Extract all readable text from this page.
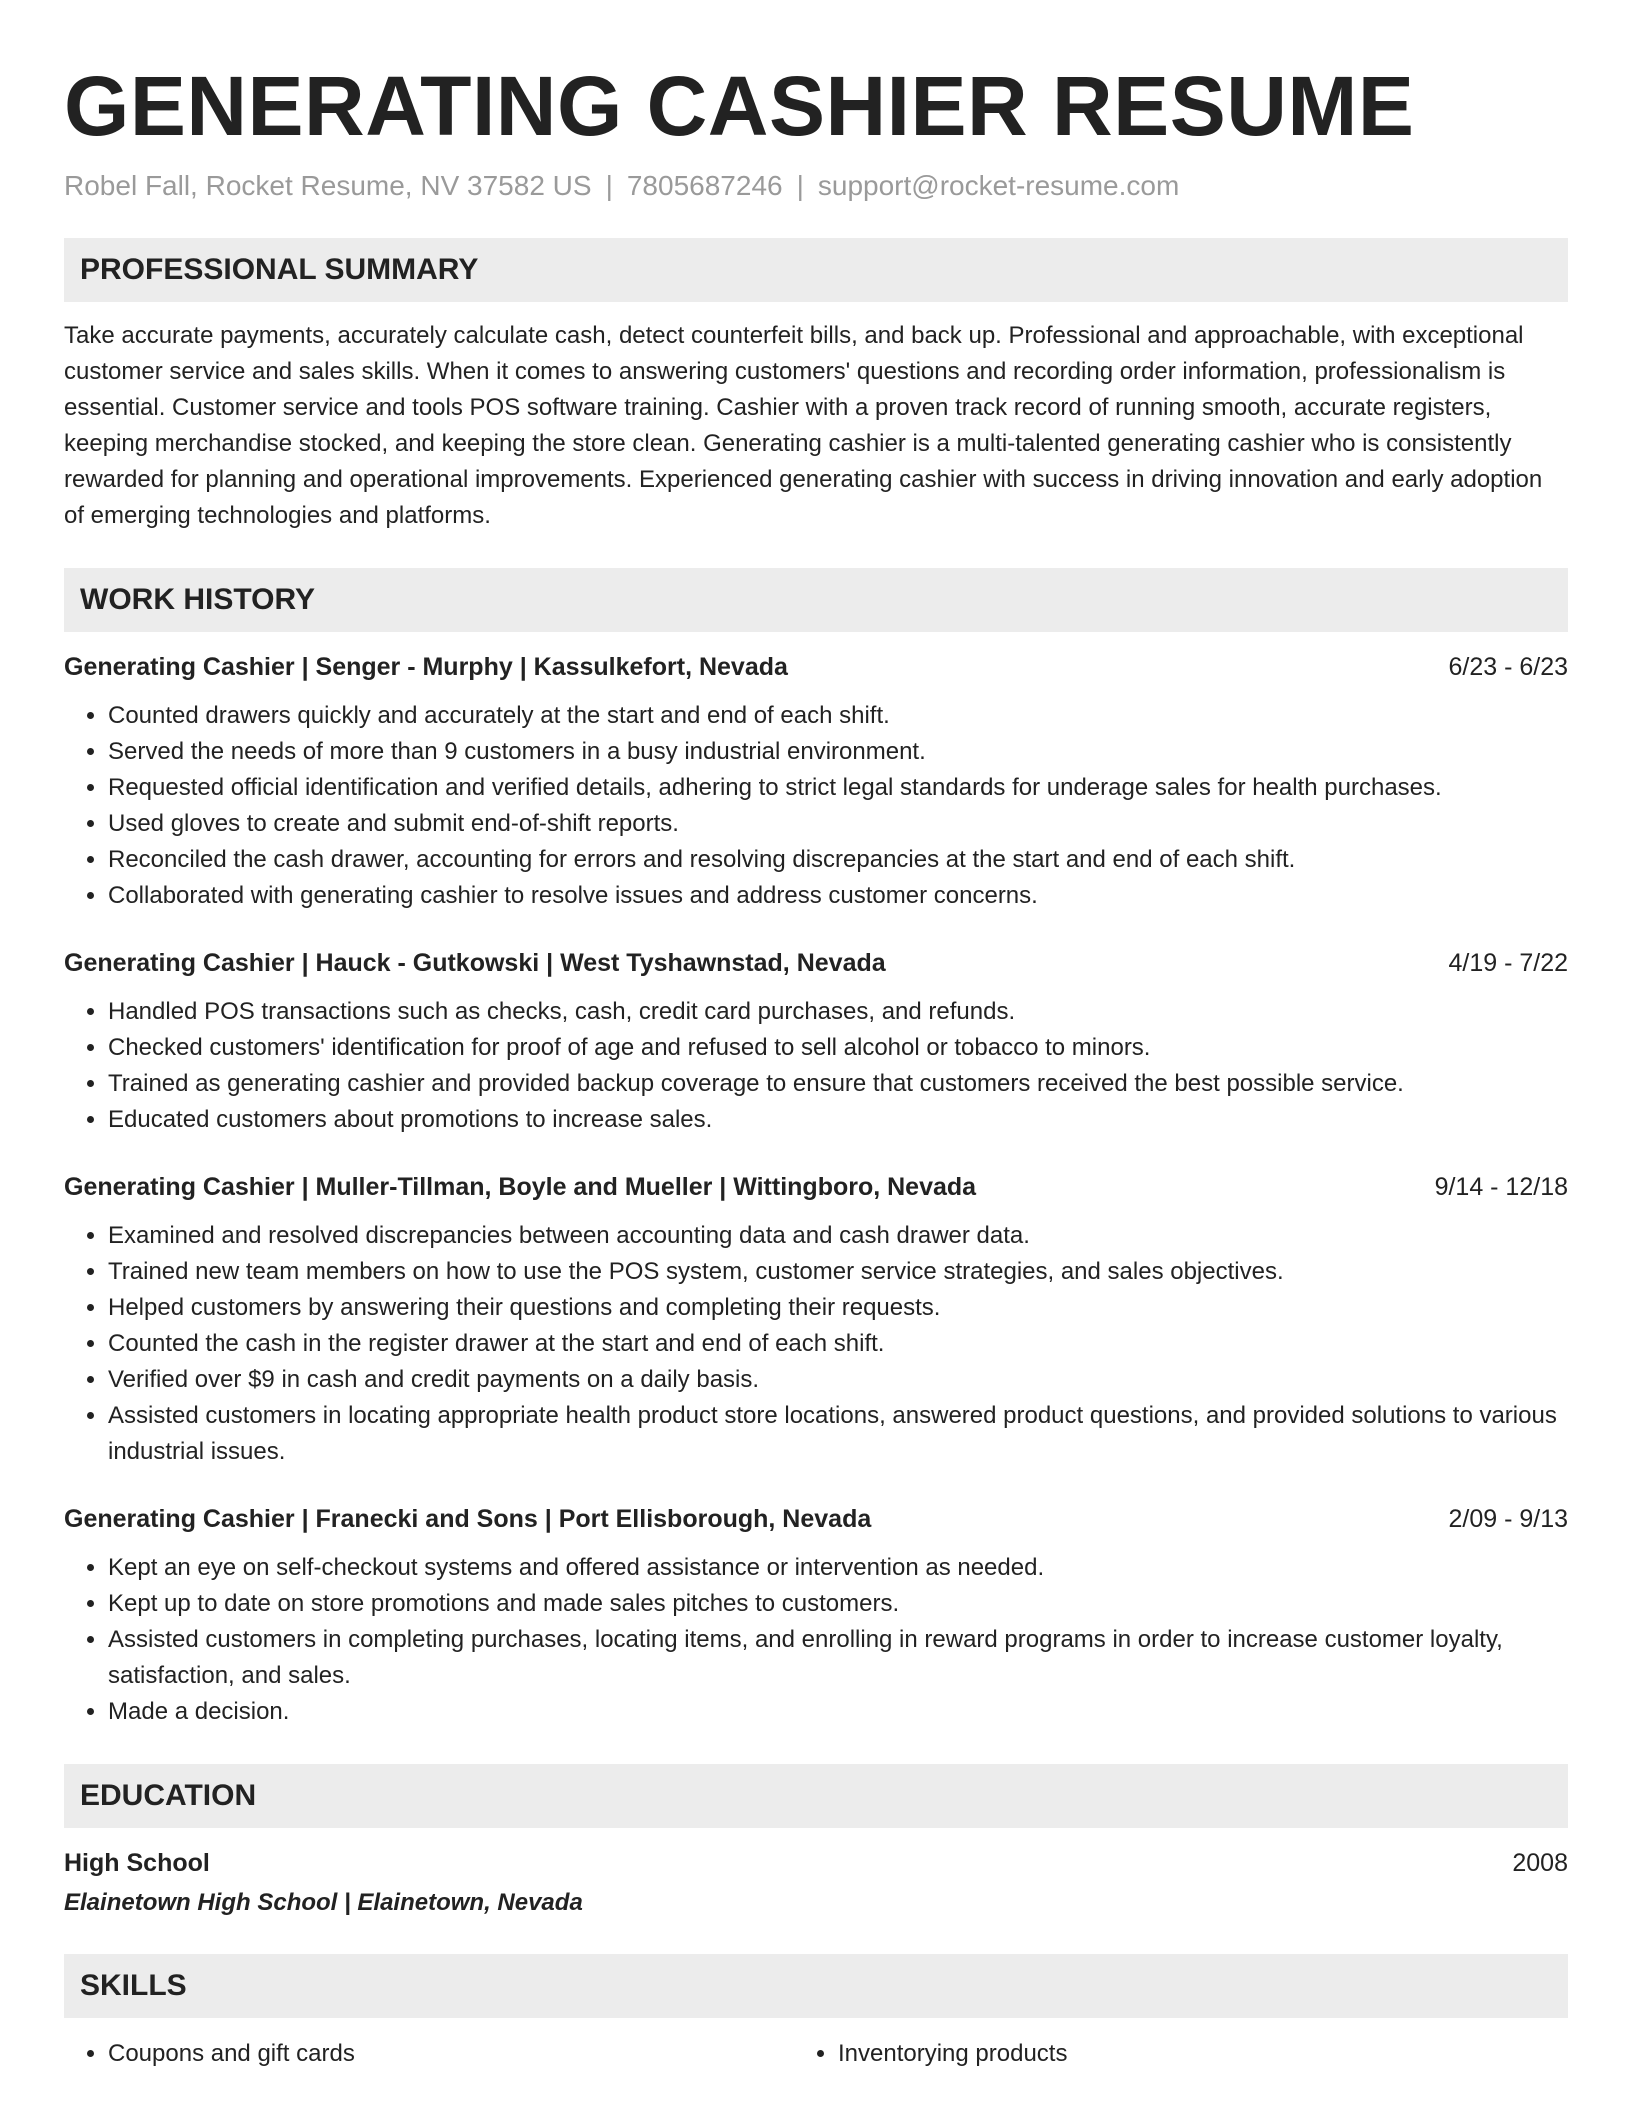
GENERATING CASHIER RESUME
Robel Fall, Rocket Resume, NV 37582 US | 7805687246 | support@rocket-resume.com
PROFESSIONAL SUMMARY
Take accurate payments, accurately calculate cash, detect counterfeit bills, and back up. Professional and approachable, with exceptional customer service and sales skills. When it comes to answering customers' questions and recording order information, professionalism is essential. Customer service and tools POS software training. Cashier with a proven track record of running smooth, accurate registers, keeping merchandise stocked, and keeping the store clean. Generating cashier is a multi-talented generating cashier who is consistently rewarded for planning and operational improvements. Experienced generating cashier with success in driving innovation and early adoption of emerging technologies and platforms.
WORK HISTORY
Generating Cashier | Senger - Murphy | Kassulkefort, Nevada	6/23 - 6/23
• Counted drawers quickly and accurately at the start and end of each shift.
• Served the needs of more than 9 customers in a busy industrial environment.
• Requested official identification and verified details, adhering to strict legal standards for underage sales for health purchases.
• Used gloves to create and submit end-of-shift reports.
• Reconciled the cash drawer, accounting for errors and resolving discrepancies at the start and end of each shift.
• Collaborated with generating cashier to resolve issues and address customer concerns.
Generating Cashier | Hauck - Gutkowski | West Tyshawnstad, Nevada	4/19 - 7/22
• Handled POS transactions such as checks, cash, credit card purchases, and refunds.
• Checked customers' identification for proof of age and refused to sell alcohol or tobacco to minors.
• Trained as generating cashier and provided backup coverage to ensure that customers received the best possible service.
• Educated customers about promotions to increase sales.
Generating Cashier | Muller-Tillman, Boyle and Mueller | Wittingboro, Nevada	9/14 - 12/18
• Examined and resolved discrepancies between accounting data and cash drawer data.
• Trained new team members on how to use the POS system, customer service strategies, and sales objectives.
• Helped customers by answering their questions and completing their requests.
• Counted the cash in the register drawer at the start and end of each shift.
• Verified over $9 in cash and credit payments on a daily basis.
• Assisted customers in locating appropriate health product store locations, answered product questions, and provided solutions to various industrial issues.
Generating Cashier | Franecki and Sons | Port Ellisborough, Nevada	2/09 - 9/13
• Kept an eye on self-checkout systems and offered assistance or intervention as needed.
• Kept up to date on store promotions and made sales pitches to customers.
• Assisted customers in completing purchases, locating items, and enrolling in reward programs in order to increase customer loyalty, satisfaction, and sales.
• Made a decision.
EDUCATION
High School	2008
Elainetown High School | Elainetown, Nevada
SKILLS
• Coupons and gift cards
•	Inventorying products
